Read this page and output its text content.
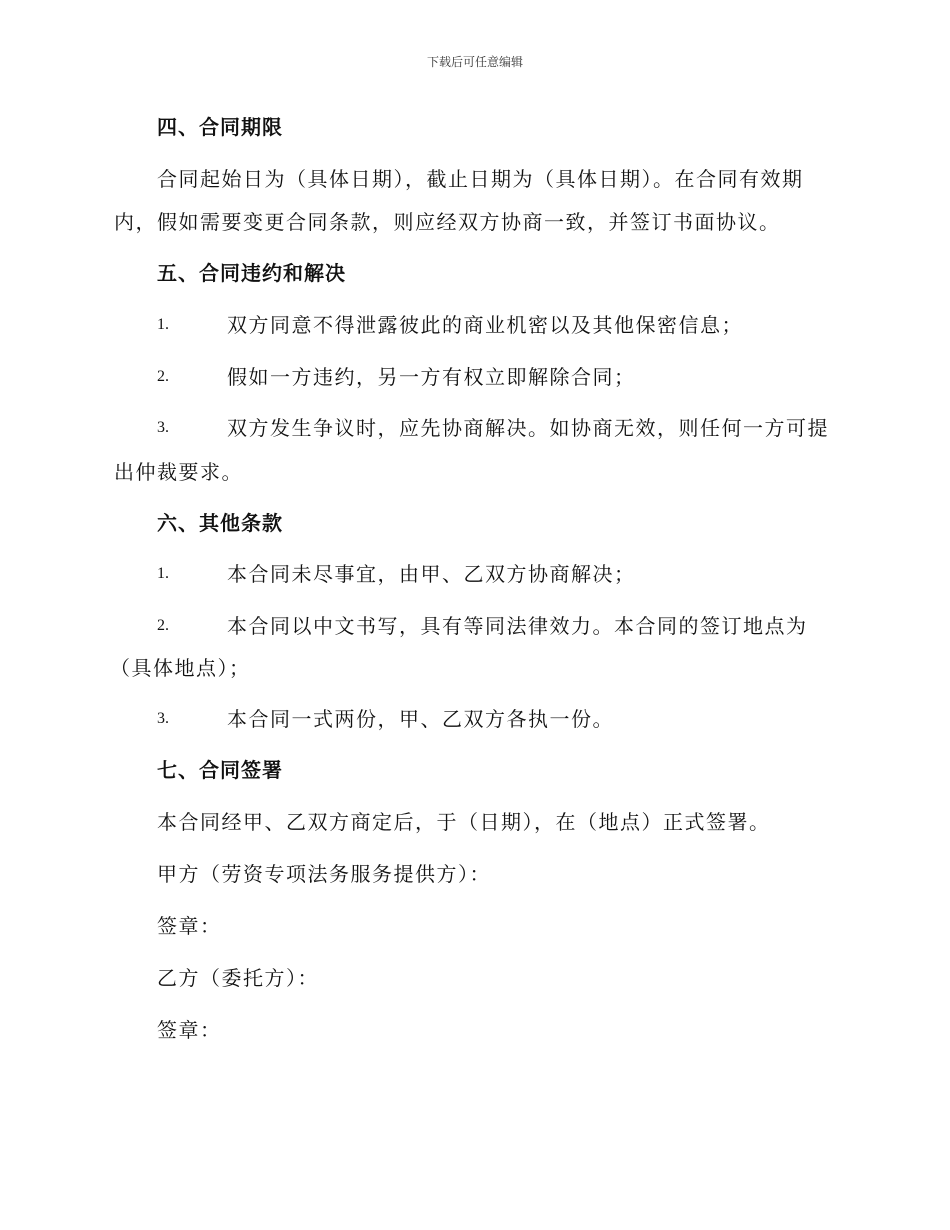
下载后可任意编辑
四、合同期限
合同起始日为（具体日期），截止日期为（具体日期）。在合同有效期
内，假如需要变更合同条款，则应经双方协商一致，并签订书面协议。
五、合同违约和解决
1.	双方同意不得泄露彼此的商业机密以及其他保密信息；
2.	假如一方违约，另一方有权立即解除合同；
3.	双方发生争议时，应先协商解决。如协商无效，则任何一方可提
出仲裁要求。
六、其他条款
1.	本合同未尽事宜，由甲、乙双方协商解决；
2.	本合同以中文书写，具有等同法律效力。本合同的签订地点为
（具体地点）；
3.	本合同一式两份，甲、乙双方各执一份。
七、合同签署
本合同经甲、乙双方商定后，于（日期），在（地点）正式签署。
甲方（劳资专项法务服务提供方）：
签章：
乙方（委托方）：
签章：
